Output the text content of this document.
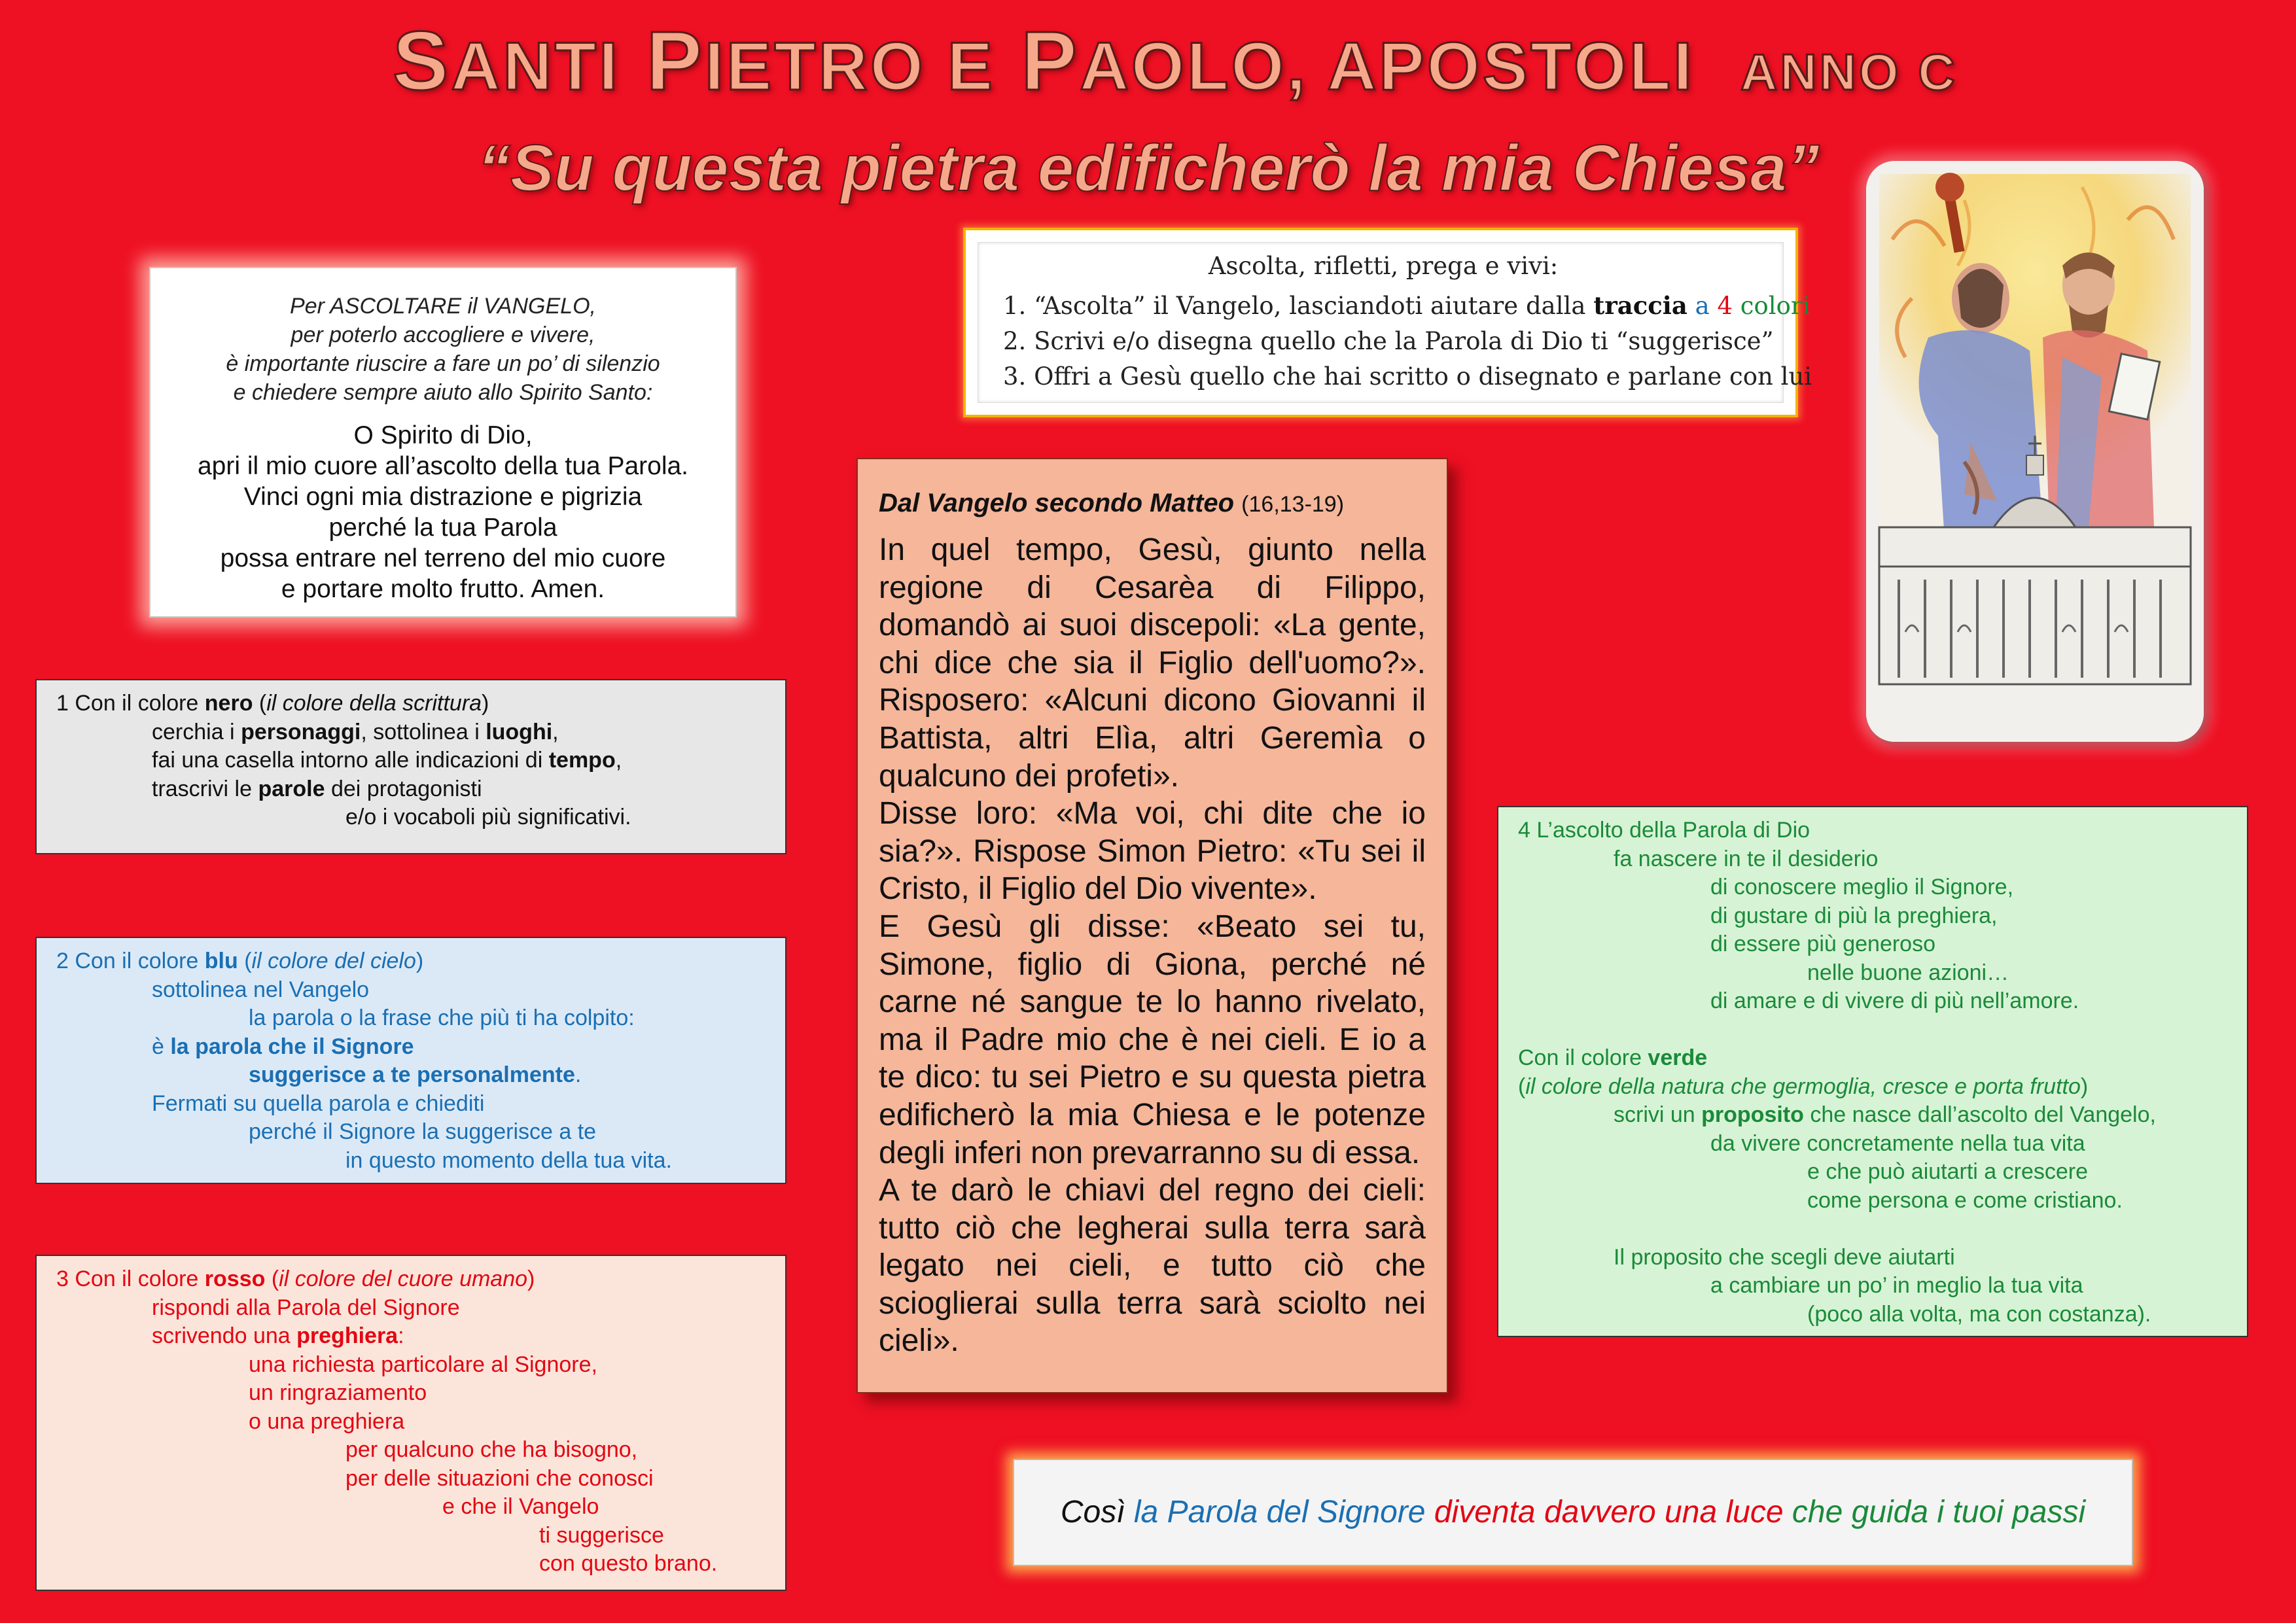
SANTI PIETRO E PAOLO, APOSTOLI ANNO C
“Su questa pietra edificherò la mia Chiesa”
Per ASCOLTARE il VANGELO,
per poterlo accogliere e vivere,
è importante riuscire a fare un po’ di silenzio
e chiedere sempre aiuto allo Spirito Santo:
O Spirito di Dio,
apri il mio cuore all’ascolto della tua Parola.
Vinci ogni mia distrazione e pigrizia
perché la tua Parola
possa entrare nel terreno del mio cuore
e portare molto frutto. Amen.
Ascolta, rifletti, prega e vivi:
1. “Ascolta” il Vangelo, lasciandoti aiutare dalla traccia a 4 colori
2. Scrivi e/o disegna quello che la Parola di Dio ti “suggerisce”
3. Offri a Gesù quello che hai scritto o disegnato e parlane con lui
Dal Vangelo secondo Matteo (16,13-19)
In quel tempo, Gesù, giunto nella regione di Cesarèa di Filippo, domandò ai suoi discepoli: «La gente, chi dice che sia il Figlio dell'uomo?». Risposero: «Alcuni dicono Giovanni il Battista, altri Elìa, altri Geremìa o qualcuno dei profeti».
Disse loro: «Ma voi, chi dite che io sia?». Rispose Simon Pietro: «Tu sei il Cristo, il Figlio del Dio vivente».
E Gesù gli disse: «Beato sei tu, Simone, figlio di Giona, perché né carne né sangue te lo hanno rivelato, ma il Padre mio che è nei cieli. E io a te dico: tu sei Pietro e su questa pietra edificherò la mia Chiesa e le potenze degli inferi non prevarranno su di essa.
A te darò le chiavi del regno dei cieli: tutto ciò che legherai sulla terra sarà legato nei cieli, e tutto ciò che scioglierai sulla terra sarà sciolto nei cieli».
1 Con il colore nero (il colore della scrittura)
cerchia i personaggi, sottolinea i luoghi,
fai una casella intorno alle indicazioni di tempo,
trascrivi le parole dei protagonisti
e/o i vocaboli più significativi.
2 Con il colore blu (il colore del cielo)
sottolinea nel Vangelo
la parola o la frase che più ti ha colpito:
è la parola che il Signore
suggerisce a te personalmente.
Fermati su quella parola e chiediti
perché il Signore la suggerisce a te
in questo momento della tua vita.
3 Con il colore rosso (il colore del cuore umano)
rispondi alla Parola del Signore
scrivendo una preghiera:
una richiesta particolare al Signore,
un ringraziamento
o una preghiera
per qualcuno che ha bisogno,
per delle situazioni che conosci
e che il Vangelo
ti suggerisce
con questo brano.
4 L’ascolto della Parola di Dio
fa nascere in te il desiderio
di conoscere meglio il Signore,
di gustare di più la preghiera,
di essere più generoso
nelle buone azioni…
di amare e di vivere di più nell’amore.

Con il colore verde
(il colore della natura che germoglia, cresce e porta frutto)
scrivi un proposito che nasce dall’ascolto del Vangelo,
da vivere concretamente nella tua vita
e che può aiutarti a crescere
come persona e come cristiano.

Il proposito che scegli deve aiutarti
a cambiare un po’ in meglio la tua vita
(poco alla volta, ma con costanza).
Così la Parola del Signore diventa davvero una luce che guida i tuoi passi
